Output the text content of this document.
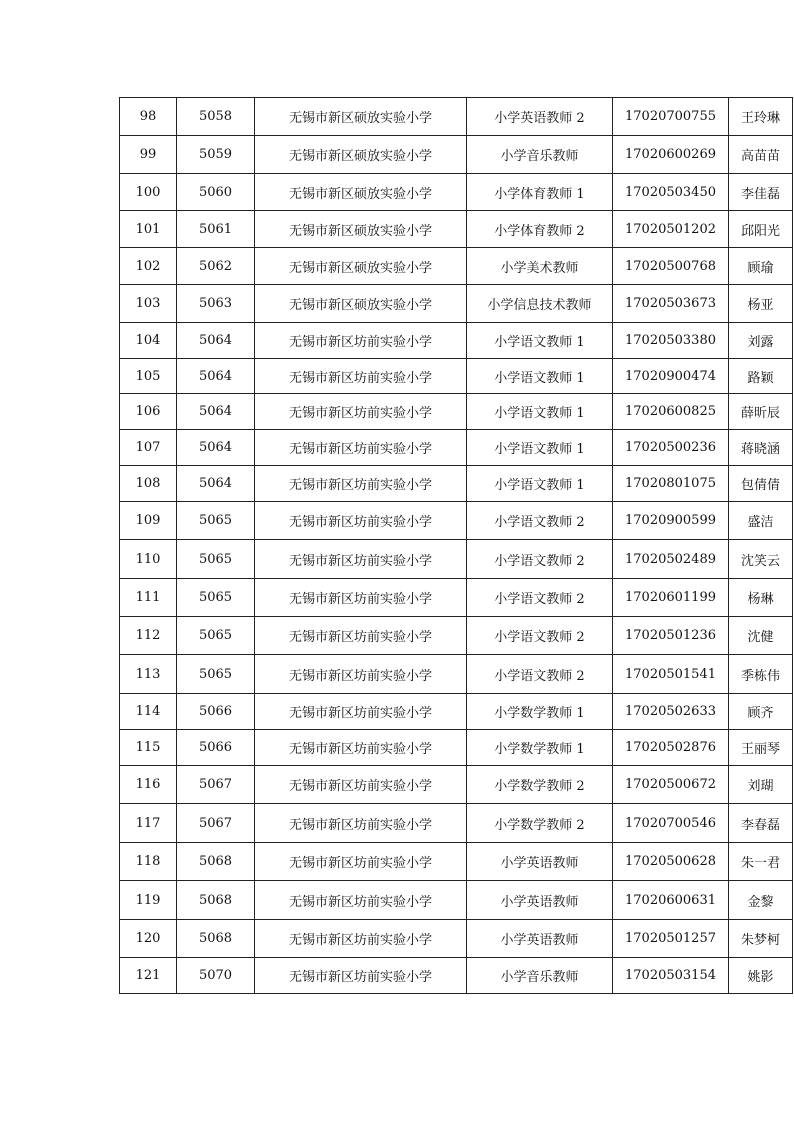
98	5058	无锡市新区硕放实验小学	小学英语教师 2	17020700755	王玲琳
99	5059	无锡市新区硕放实验小学	小学音乐教师	17020600269	高苗苗
100	5060	无锡市新区硕放实验小学	小学体育教师 1	17020503450	李佳磊
101	5061	无锡市新区硕放实验小学	小学体育教师 2	17020501202	邱阳光
102	5062	无锡市新区硕放实验小学	小学美术教师	17020500768	顾瑜
103	5063	无锡市新区硕放实验小学	小学信息技术教师	17020503673	杨亚
104	5064	无锡市新区坊前实验小学	小学语文教师 1	17020503380	刘露
105	5064	无锡市新区坊前实验小学	小学语文教师 1	17020900474	路颖
106	5064	无锡市新区坊前实验小学	小学语文教师 1	17020600825	薛昕辰
107	5064	无锡市新区坊前实验小学	小学语文教师 1	17020500236	蒋晓涵
108	5064	无锡市新区坊前实验小学	小学语文教师 1	17020801075	包倩倩
109	5065	无锡市新区坊前实验小学	小学语文教师 2	17020900599	盛洁
110	5065	无锡市新区坊前实验小学	小学语文教师 2	17020502489	沈笑云
111	5065	无锡市新区坊前实验小学	小学语文教师 2	17020601199	杨琳
112	5065	无锡市新区坊前实验小学	小学语文教师 2	17020501236	沈健
113	5065	无锡市新区坊前实验小学	小学语文教师 2	17020501541	季栋伟
114	5066	无锡市新区坊前实验小学	小学数学教师 1	17020502633	顾齐
115	5066	无锡市新区坊前实验小学	小学数学教师 1	17020502876	王丽琴
116	5067	无锡市新区坊前实验小学	小学数学教师 2	17020500672	刘瑚
117	5067	无锡市新区坊前实验小学	小学数学教师 2	17020700546	李春磊
118	5068	无锡市新区坊前实验小学	小学英语教师	17020500628	朱一君
119	5068	无锡市新区坊前实验小学	小学英语教师	17020600631	金黎
120	5068	无锡市新区坊前实验小学	小学英语教师	17020501257	朱梦柯
121	5070	无锡市新区坊前实验小学	小学音乐教师	17020503154	姚影
